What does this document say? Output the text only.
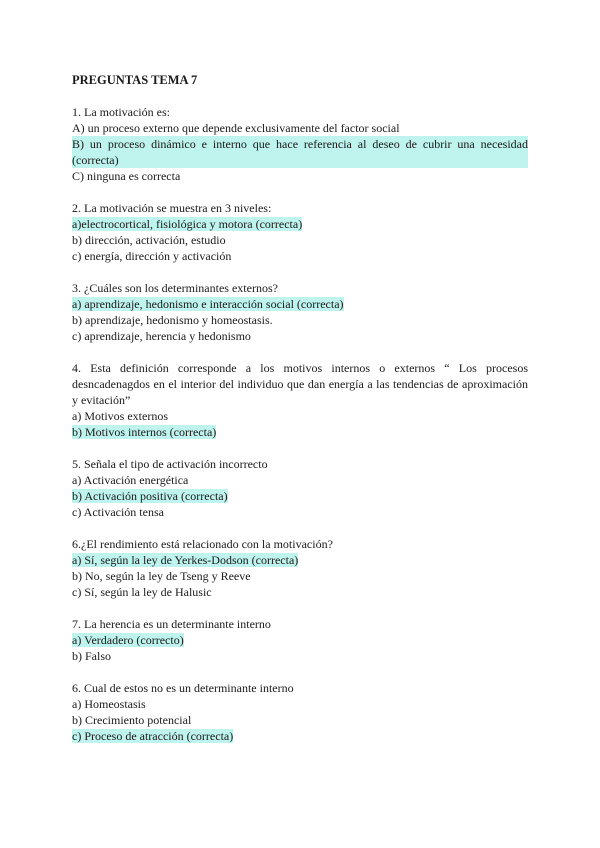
PREGUNTAS TEMA 7

1. La motivación es:

A) un proceso externo que depende exclusivamente del factor social

B) un proceso dinámico e interno que hace referencia al deseo de cubrir una necesidad (correcta)

C) ninguna es correcta

2. La motivación se muestra en 3 niveles:

a)electrocortical, fisiológica y motora (correcta)

b) dirección, activación, estudio

c) energía, dirección y activación

3. ¿Cuáles son los determinantes externos?

a) aprendizaje, hedonismo e interacción social (correcta)

b) aprendizaje, hedonismo y homeostasis.

c) aprendizaje, herencia y hedonismo

4. Esta definición corresponde a los motivos internos o externos “ Los procesos desncadenagdos en el interior del individuo que dan energía a las tendencias de aproximación y evitación”

a) Motivos externos

b) Motivos internos (correcta)

5. Señala el tipo de activación incorrecto

a) Activación energética

b) Activación positiva (correcta)

c) Activación tensa

6.¿El rendimiento está relacionado con la motivación?

a) Sí, según la ley de Yerkes-Dodson (correcta)

b) No, según la ley de Tseng y Reeve

c) Sí, según la ley de Halusic

7. La herencia es un determinante interno

a) Verdadero (correcto)

b) Falso

6. Cual de estos no es un determinante interno

a) Homeostasis

b) Crecimiento potencial

c) Proceso de atracción (correcta)
